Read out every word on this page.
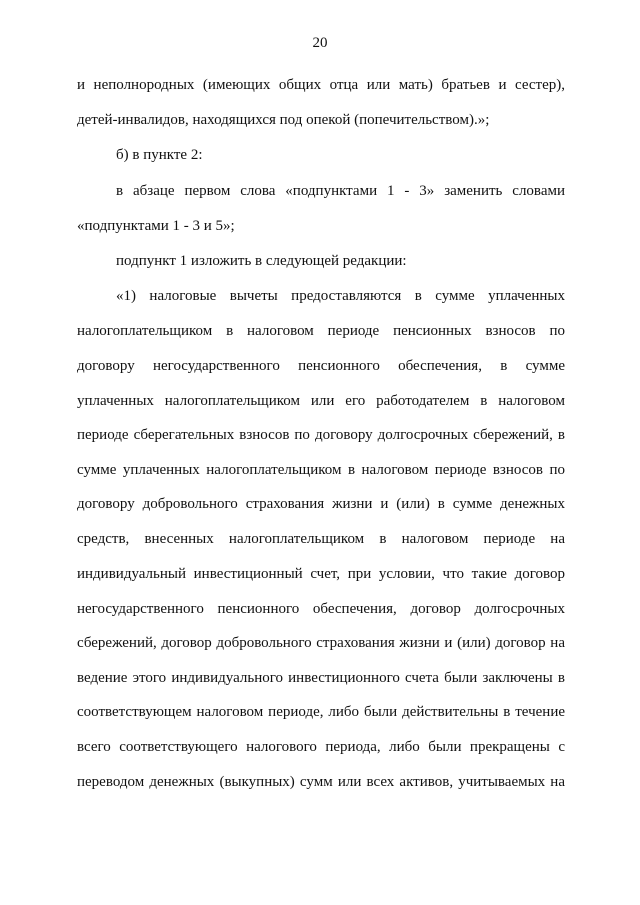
20
и неполнородных (имеющих общих отца или мать) братьев и сестер),
детей-инвалидов, находящихся под опекой (попечительством).»;
б) в пункте 2:
в абзаце первом слова «подпунктами 1 - 3» заменить словами
«подпунктами 1 - 3 и 5»;
подпункт 1 изложить в следующей редакции:
«1) налоговые вычеты предоставляются в сумме уплаченных
налогоплательщиком в налоговом периоде пенсионных взносов по
договору негосударственного пенсионного обеспечения, в сумме
уплаченных налогоплательщиком или его работодателем в налоговом
периоде сберегательных взносов по договору долгосрочных сбережений, в
сумме уплаченных налогоплательщиком в налоговом периоде взносов по
договору добровольного страхования жизни и (или) в сумме денежных
средств, внесенных налогоплательщиком в налоговом периоде на
индивидуальный инвестиционный счет, при условии, что такие договор
негосударственного пенсионного обеспечения, договор долгосрочных
сбережений, договор добровольного страхования жизни и (или) договор на
ведение этого индивидуального инвестиционного счета были заключены в
соответствующем налоговом периоде, либо были действительны в течение
всего соответствующего налогового периода, либо были прекращены с
переводом денежных (выкупных) сумм или всех активов, учитываемых на
